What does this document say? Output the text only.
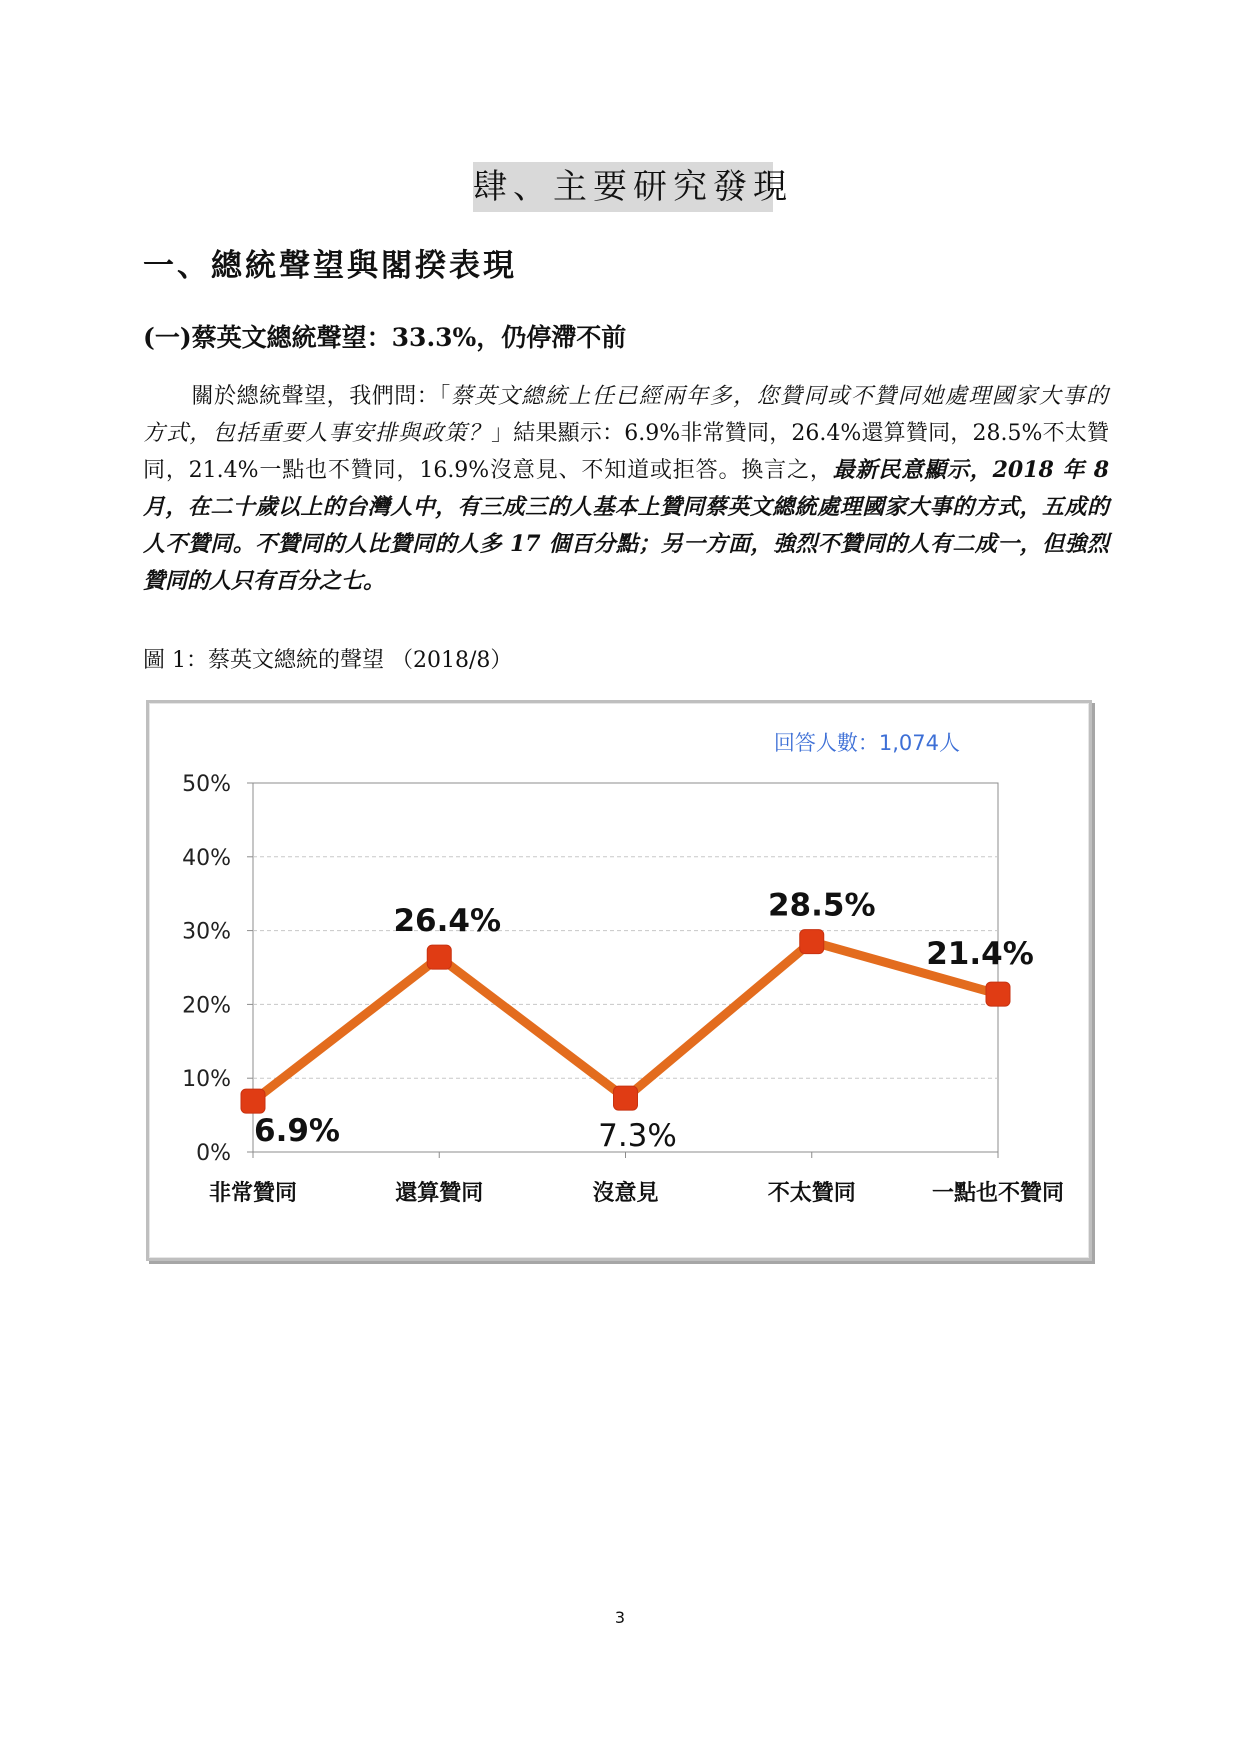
肆、主要研究發現
一、總統聲望與閣揆表現
(一)蔡英文總統聲望：33.3%，仍停滯不前
關於總統聲望，我們問：「蔡英文總統上任已經兩年多，您贊同或不贊同她處理國家大事的方式，包括重要人事安排與政策？」結果顯示：6.9%非常贊同，26.4%還算贊同，28.5%不太贊同，21.4%一點也不贊同，16.9%沒意見、不知道或拒答。換言之，最新民意顯示，2018 年 8 月，在二十歲以上的台灣人中，有三成三的人基本上贊同蔡英文總統處理國家大事的方式，五成的人不贊同。不贊同的人比贊同的人多 17 個百分點；另一方面，強烈不贊同的人有二成一，但強烈贊同的人只有百分之七。
圖 1：蔡英文總統的聲望 （2018/8）
0%
10%
20%
30%
40%
50%
非常贊同	還算贊同	沒意見	不太贊同	一點也不贊同
6.9%
26.4%
7.3%
28.5%
21.4%
回答人數：1,074人
3
